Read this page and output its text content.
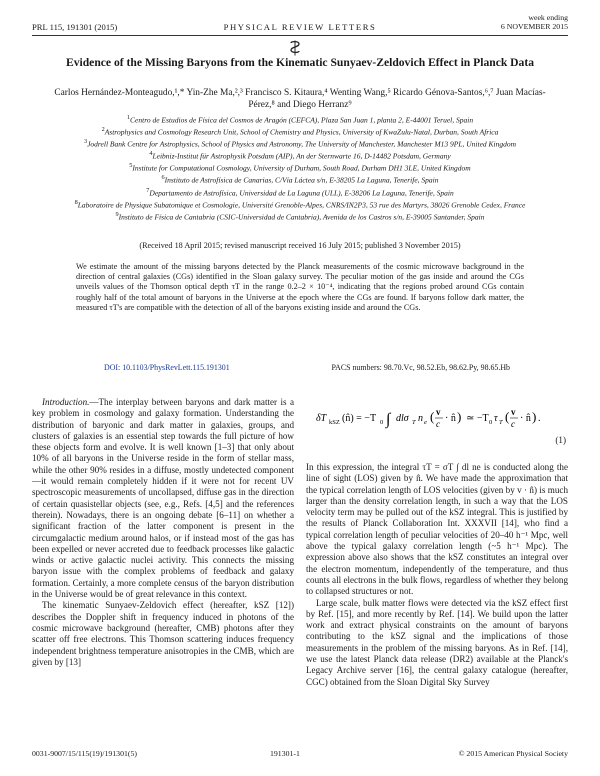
PRL 115, 191301 (2015)	PHYSICAL REVIEW LETTERS
week ending
6 NOVEMBER 2015
Evidence of the Missing Baryons from the Kinematic Sunyaev-Zeldovich Effect in Planck Data
Carlos Hernández-Monteagudo,¹,* Yin-Zhe Ma,²,³ Francisco S. Kitaura,⁴ Wenting Wang,⁵ Ricardo Génova-Santos,⁶,⁷ Juan Macías-Pérez,⁸ and Diego Herranz⁹
$^1$Centro de Estudios de Física del Cosmos de Aragón (CEFCA), Plaza San Juan 1, planta 2, E-44001 Teruel, Spain
$^2$Astrophysics and Cosmology Research Unit, School of Chemistry and Physics, University of KwaZulu-Natal, Durban, South Africa
$^3$Jodrell Bank Centre for Astrophysics, School of Physics and Astronomy, The University of Manchester, Manchester M13 9PL, United Kingdom
$^4$Leibniz-Institut für Astrophysik Potsdam (AIP), An der Sternwarte 16, D-14482 Potsdam, Germany
$^5$Institute for Computational Cosmology, University of Durham, South Road, Durham DH1 3LE, United Kingdom
$^6$Instituto de Astrofísica de Canarias, C/Vía Láctea s/n, E-38205 La Laguna, Tenerife, Spain
$^7$Departamento de Astrofísica, Universidad de La Laguna (ULL), E-38206 La Laguna, Tenerife, Spain
$^8$Laboratoire de Physique Subatomique et Cosmologie, Université Grenoble-Alpes, CNRS/IN2P3, 53 rue des Martyrs, 38026 Grenoble Cedex, France
$^9$Instituto de Física de Cantabria (CSIC-Universidad de Cantabria), Avenida de los Castros s/n, E-39005 Santander, Spain
(Received 18 April 2015; revised manuscript received 16 July 2015; published 3 November 2015)

We estimate the amount of the missing baryons detected by the Planck measurements of the cosmic microwave background in the direction of central galaxies (CGs) identified in the Sloan galaxy survey. The peculiar motion of the gas inside and around the CGs unveils values of the Thomson optical depth τT in the range 0.2–2 × 10⁻⁴, indicating that the regions probed around CGs contain roughly half of the total amount of baryons in the Universe at the epoch where the CGs are found. If baryons follow dark matter, the measured τT's are compatible with the detection of all of the baryons existing inside and around the CGs.

DOI: 10.1103/PhysRevLett.115.191301	PACS numbers: 98.70.Vc, 98.52.Eb, 98.62.Py, 98.65.Hb

Introduction.—The interplay between baryons and dark matter is a key problem in cosmology and galaxy formation. Understanding the distribution of baryonic and dark matter in galaxies, groups, and clusters of galaxies is an essential step towards the full picture of how these objects form and evolve. It is well known [1–3] that only about 10% of all baryons in the Universe reside in the form of stellar mass, while the other 90% resides in a diffuse, mostly undetected component—it would remain completely hidden if it were not for recent UV spectroscopic measurements of uncollapsed, diffuse gas in the direction of certain quasistellar objects (see, e.g., Refs. [4,5] and the references therein). Nowadays, there is an ongoing debate [6–11] on whether a significant fraction of the latter component is present in the circumgalactic medium around halos, or if instead most of the gas has been expelled or never accreted due to feedback processes like galactic winds or active galactic nuclei activity. This connects the missing baryon issue with the complex problems of feedback and galaxy formation. Certainly, a more complete census of the baryon distribution in the Universe would be of great relevance in this context.

The kinematic Sunyaev-Zeldovich effect (hereafter, kSZ [12]) describes the Doppler shift in frequency induced in photons of the cosmic microwave background (hereafter, CMB) photons after they scatter off free electrons. This Thomson scattering induces frequency independent brightness temperature anisotropies in the CMB, which are given by [13]

δT kSZ (n̂) = −T 0 ∫ dlσ T n e ( v
c · n̂ ) ≃ −T 0 τ T ( v
c · n̂ ) .
(1)

In this expression, the integral τT = σT ∫ dl ne is conducted along the line of sight (LOS) given by n̂. We have made the approximation that the typical correlation length of LOS velocities (given by v · n̂) is much larger than the density correlation length, in such a way that the LOS velocity term may be pulled out of the kSZ integral. This is justified by the results of Planck Collaboration Int. XXXVII [14], who find a typical correlation length of peculiar velocities of 20–40 h⁻¹ Mpc, well above the typical galaxy correlation length (~5 h⁻¹ Mpc). The expression above also shows that the kSZ constitutes an integral over the electron momentum, independently of the temperature, and thus counts all electrons in the bulk flows, regardless of whether they belong to collapsed structures or not.

Large scale, bulk matter flows were detected via the kSZ effect first by Ref. [15], and more recently by Ref. [14]. We build upon the latter work and extract physical constraints on the amount of baryons contributing to the kSZ signal and the implications of those measurements in the problem of the missing baryons. As in Ref. [14], we use the latest Planck data release (DR2) available at the Planck's Legacy Archive server [16], the central galaxy catalogue (hereafter, CGC) obtained from the Sloan Digital Sky Survey

0031-9007/15/115(19)/191301(5)	191301-1	© 2015 American Physical Society
